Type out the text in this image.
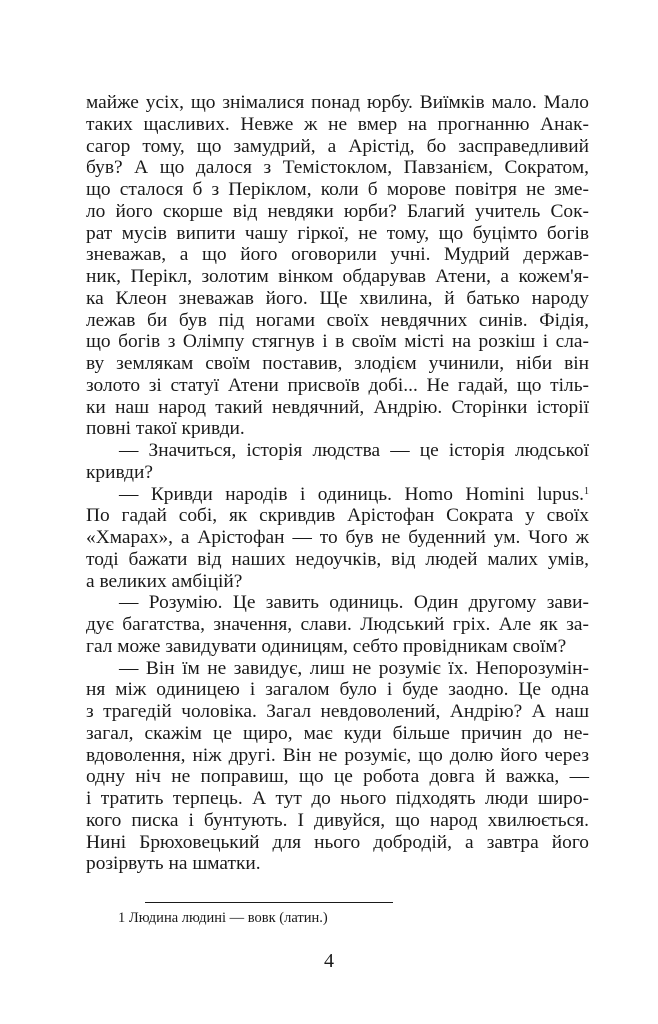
майже усіх, що знімалися понад юрбу. Виїмків мало. Мало
таких щасливих. Невже ж не вмер на прогнанню Анак-
сагор тому, що замудрий, а Арістід, бо засправедливий
був? А що далося з Темістоклом, Павзанієм, Сократом,
що сталося б з Періклом, коли б морове повітря не зме-
ло його скорше від невдяки юрби? Благий учитель Сок-
рат мусів випити чашу гіркої, не тому, що буцімто богів
зневажав, а що його оговорили учні. Мудрий держав-
ник, Перікл, золотим вінком обдарував Атени, а кожем'я-
ка Клеон зневажав його. Ще хвилина, й батько народу
лежав би був під ногами своїх невдячних синів. Фідія,
що богів з Олімпу стягнув і в своїм місті на розкіш і сла-
ву землякам своїм поставив, злодієм учинили, ніби він
золото зі статуї Атени присвоїв добі... Не гадай, що тіль-
ки наш народ такий невдячний, Андрію. Сторінки історії
повні такої кривди.
— Значиться, історія людства — це історія людської
кривди?
— Кривди народів і одиниць. Homo Homini lupus.$^1$
По гадай собі, як скривдив Арістофан Сократа у своїх
«Хмарах», а Арістофан — то був не буденний ум. Чого ж
тоді бажати від наших недоучків, від людей малих умів,
а великих амбіцій?
— Розумію. Це завить одиниць. Один другому зави-
дує багатства, значення, слави. Людський гріх. Але як за-
гал може завидувати одиницям, себто провідникам своїм?
— Він їм не завидує, лиш не розуміє їх. Непорозумін-
ня між одиницею і загалом було і буде заодно. Це одна
з трагедій чоловіка. Загал невдоволений, Андрію? А наш
загал, скажім це щиро, має куди більше причин до не-
вдоволення, ніж другі. Він не розуміє, що долю його через
одну ніч не поправиш, що це робота довга й важка, —
і тратить терпець. А тут до нього підходять люди широ-
кого писка і бунтують. І дивуйся, що народ хвилюється.
Нині Брюховецький для нього добродій, а завтра його
розірвуть на шматки.
1 Людина людині — вовк (латин.)
4
